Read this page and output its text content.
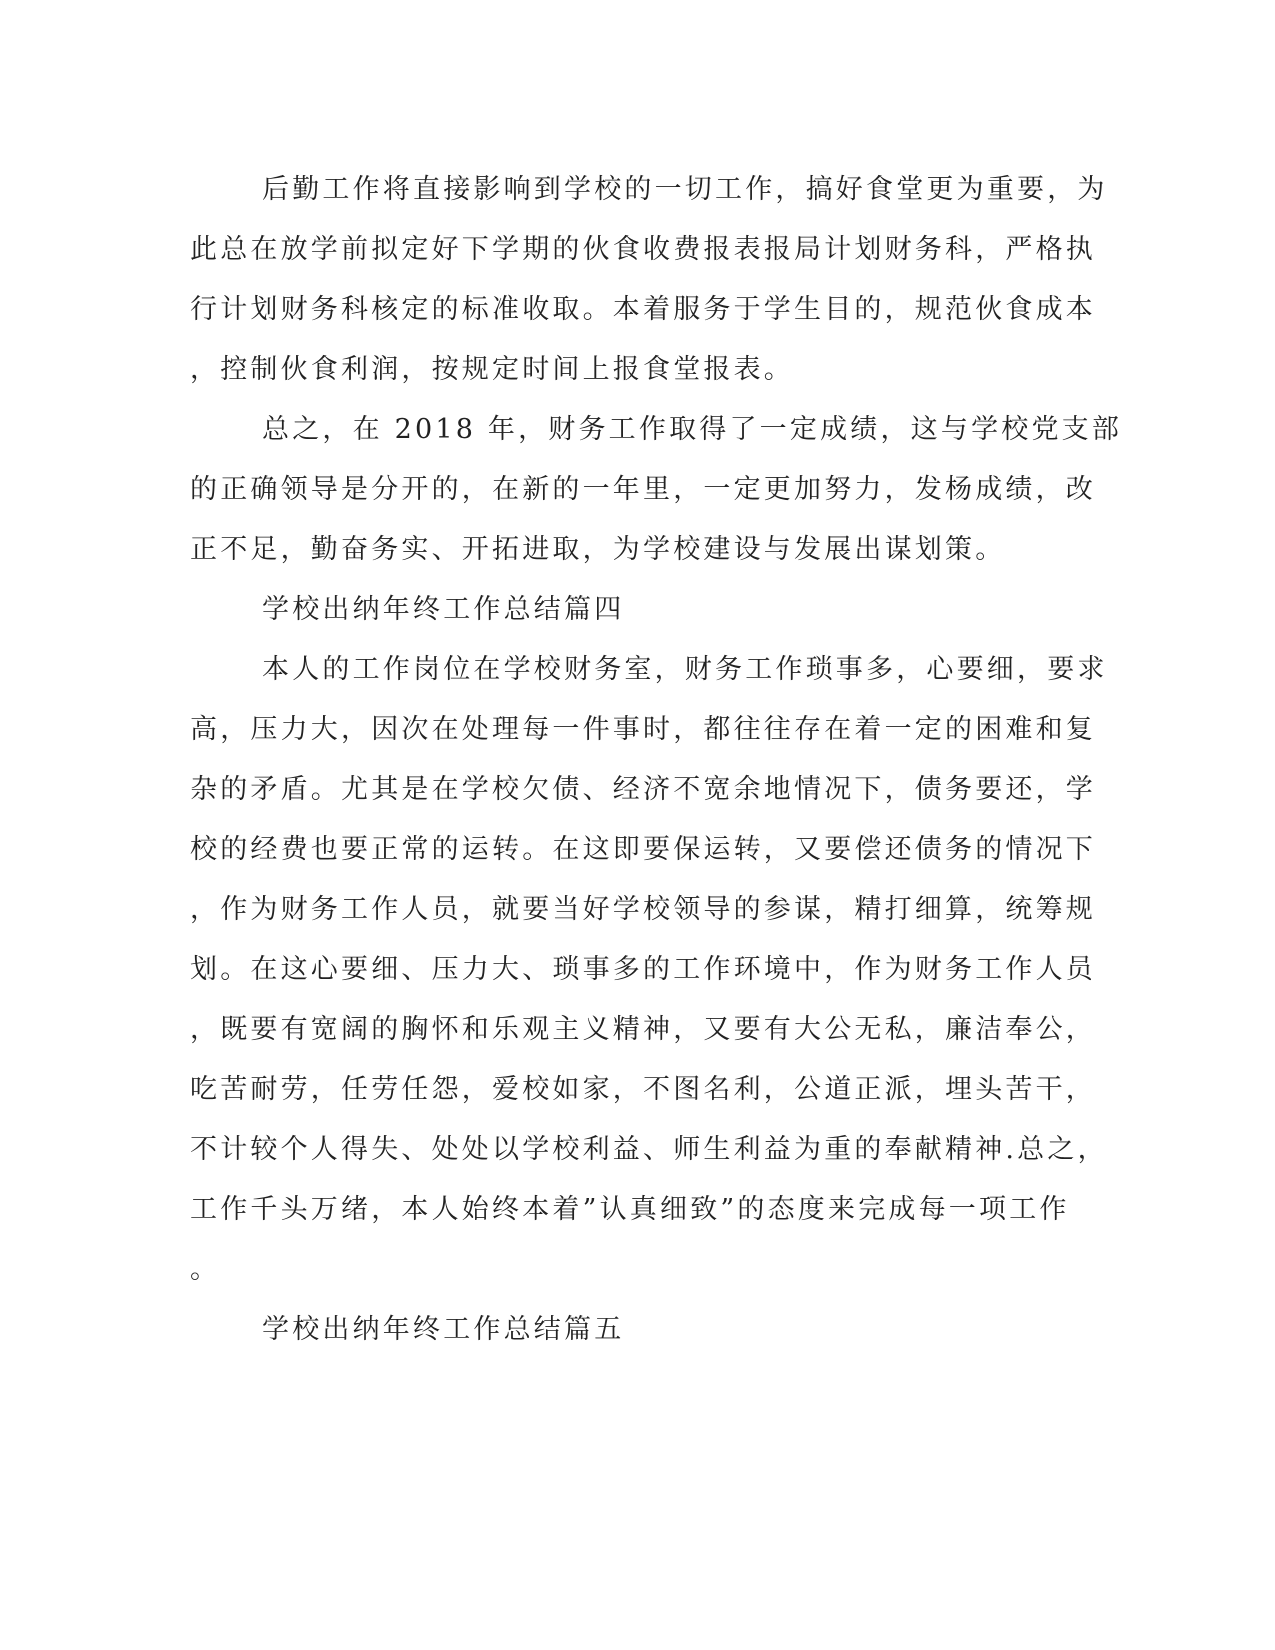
后勤工作将直接影响到学校的一切工作，搞好食堂更为重要，为
此总在放学前拟定好下学期的伙食收费报表报局计划财务科，严格执
行计划财务科核定的标准收取。本着服务于学生目的，规范伙食成本
，控制伙食利润，按规定时间上报食堂报表。
总之，在 2018 年，财务工作取得了一定成绩，这与学校党支部
的正确领导是分开的，在新的一年里，一定更加努力，发杨成绩，改
正不足，勤奋务实、开拓进取，为学校建设与发展出谋划策。
学校出纳年终工作总结篇四
本人的工作岗位在学校财务室，财务工作琐事多，心要细，要求
高，压力大，因次在处理每一件事时，都往往存在着一定的困难和复
杂的矛盾。尤其是在学校欠债、经济不宽余地情况下，债务要还，学
校的经费也要正常的运转。在这即要保运转，又要偿还债务的情况下
，作为财务工作人员，就要当好学校领导的参谋，精打细算，统筹规
划。在这心要细、压力大、琐事多的工作环境中，作为财务工作人员
，既要有宽阔的胸怀和乐观主义精神，又要有大公无私，廉洁奉公，
吃苦耐劳，任劳任怨，爱校如家，不图名利，公道正派，埋头苦干，
不计较个人得失、处处以学校利益、师生利益为重的奉献精神.总之，
工作千头万绪，本人始终本着”认真细致”的态度来完成每一项工作
。
学校出纳年终工作总结篇五
